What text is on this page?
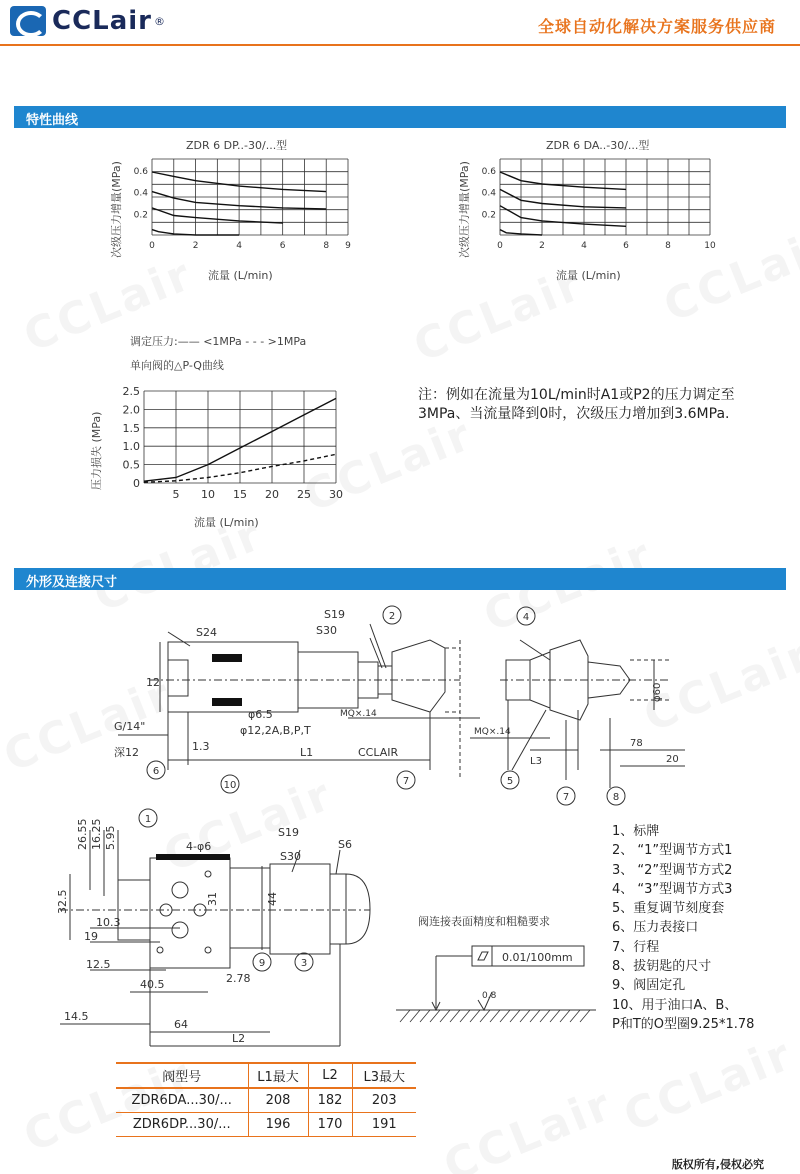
CCLair ®	全球自动化解决方案服务供应商
特性曲线
ZDR 6 DP..-30/...型
次级压力增量(MPa)
流量 (L/min)
0.6
0.4
0.2
0	2	4	6	8 9
ZDR 6 DA..-30/...型
次级压力增量(MPa)
流量 (L/min)
0.6
0.4
0.2
0	2	4	6	8	10
调定压力:—— <1MPa - - - >1MPa
单向阀的△P-Q曲线
压力损失 (MPa)
流量 (L/min)
2.5
2.0
1.5
1.0
0.5
0
5 10 15 20 25 30
注：例如在流量为10L/min时A1或P2的压力调定至3MPa、当流量降到0时，次级压力增加到3.6MPa.
外形及连接尺寸
2
6
10	7
S24
S19
S30
12
G/14"
深12	1.3
φ6.5
φ12,2A,B,P,T
L1	CCLAIR
MQ×.14
4
5
7	8
MQ×.14
L3
φ60
78
20
1
9	3
26.55 16.25 5.95
32.5
10.3
19
12.5
4-φ6
31
S19
S30
S6
44
2.78
40.5
14.5
64
L2
阀连接表面精度和粗糙要求
0.01/100mm
0.8
1、标牌
2、 “1”型调节方式1
3、 “2”型调节方式2
4、 “3”型调节方式3
5、重复调节刻度套
6、压力表接口
7、行程
8、拔钥匙的尺寸
9、阀固定孔
10、用于油口A、B、
P和T的O型圈9.25*1.78
阀型号	L1最大	L2	L3最大
ZDR6DA...30/...	208	182	203
ZDR6DP...30/...	196	170	191
版权所有,侵权必究
